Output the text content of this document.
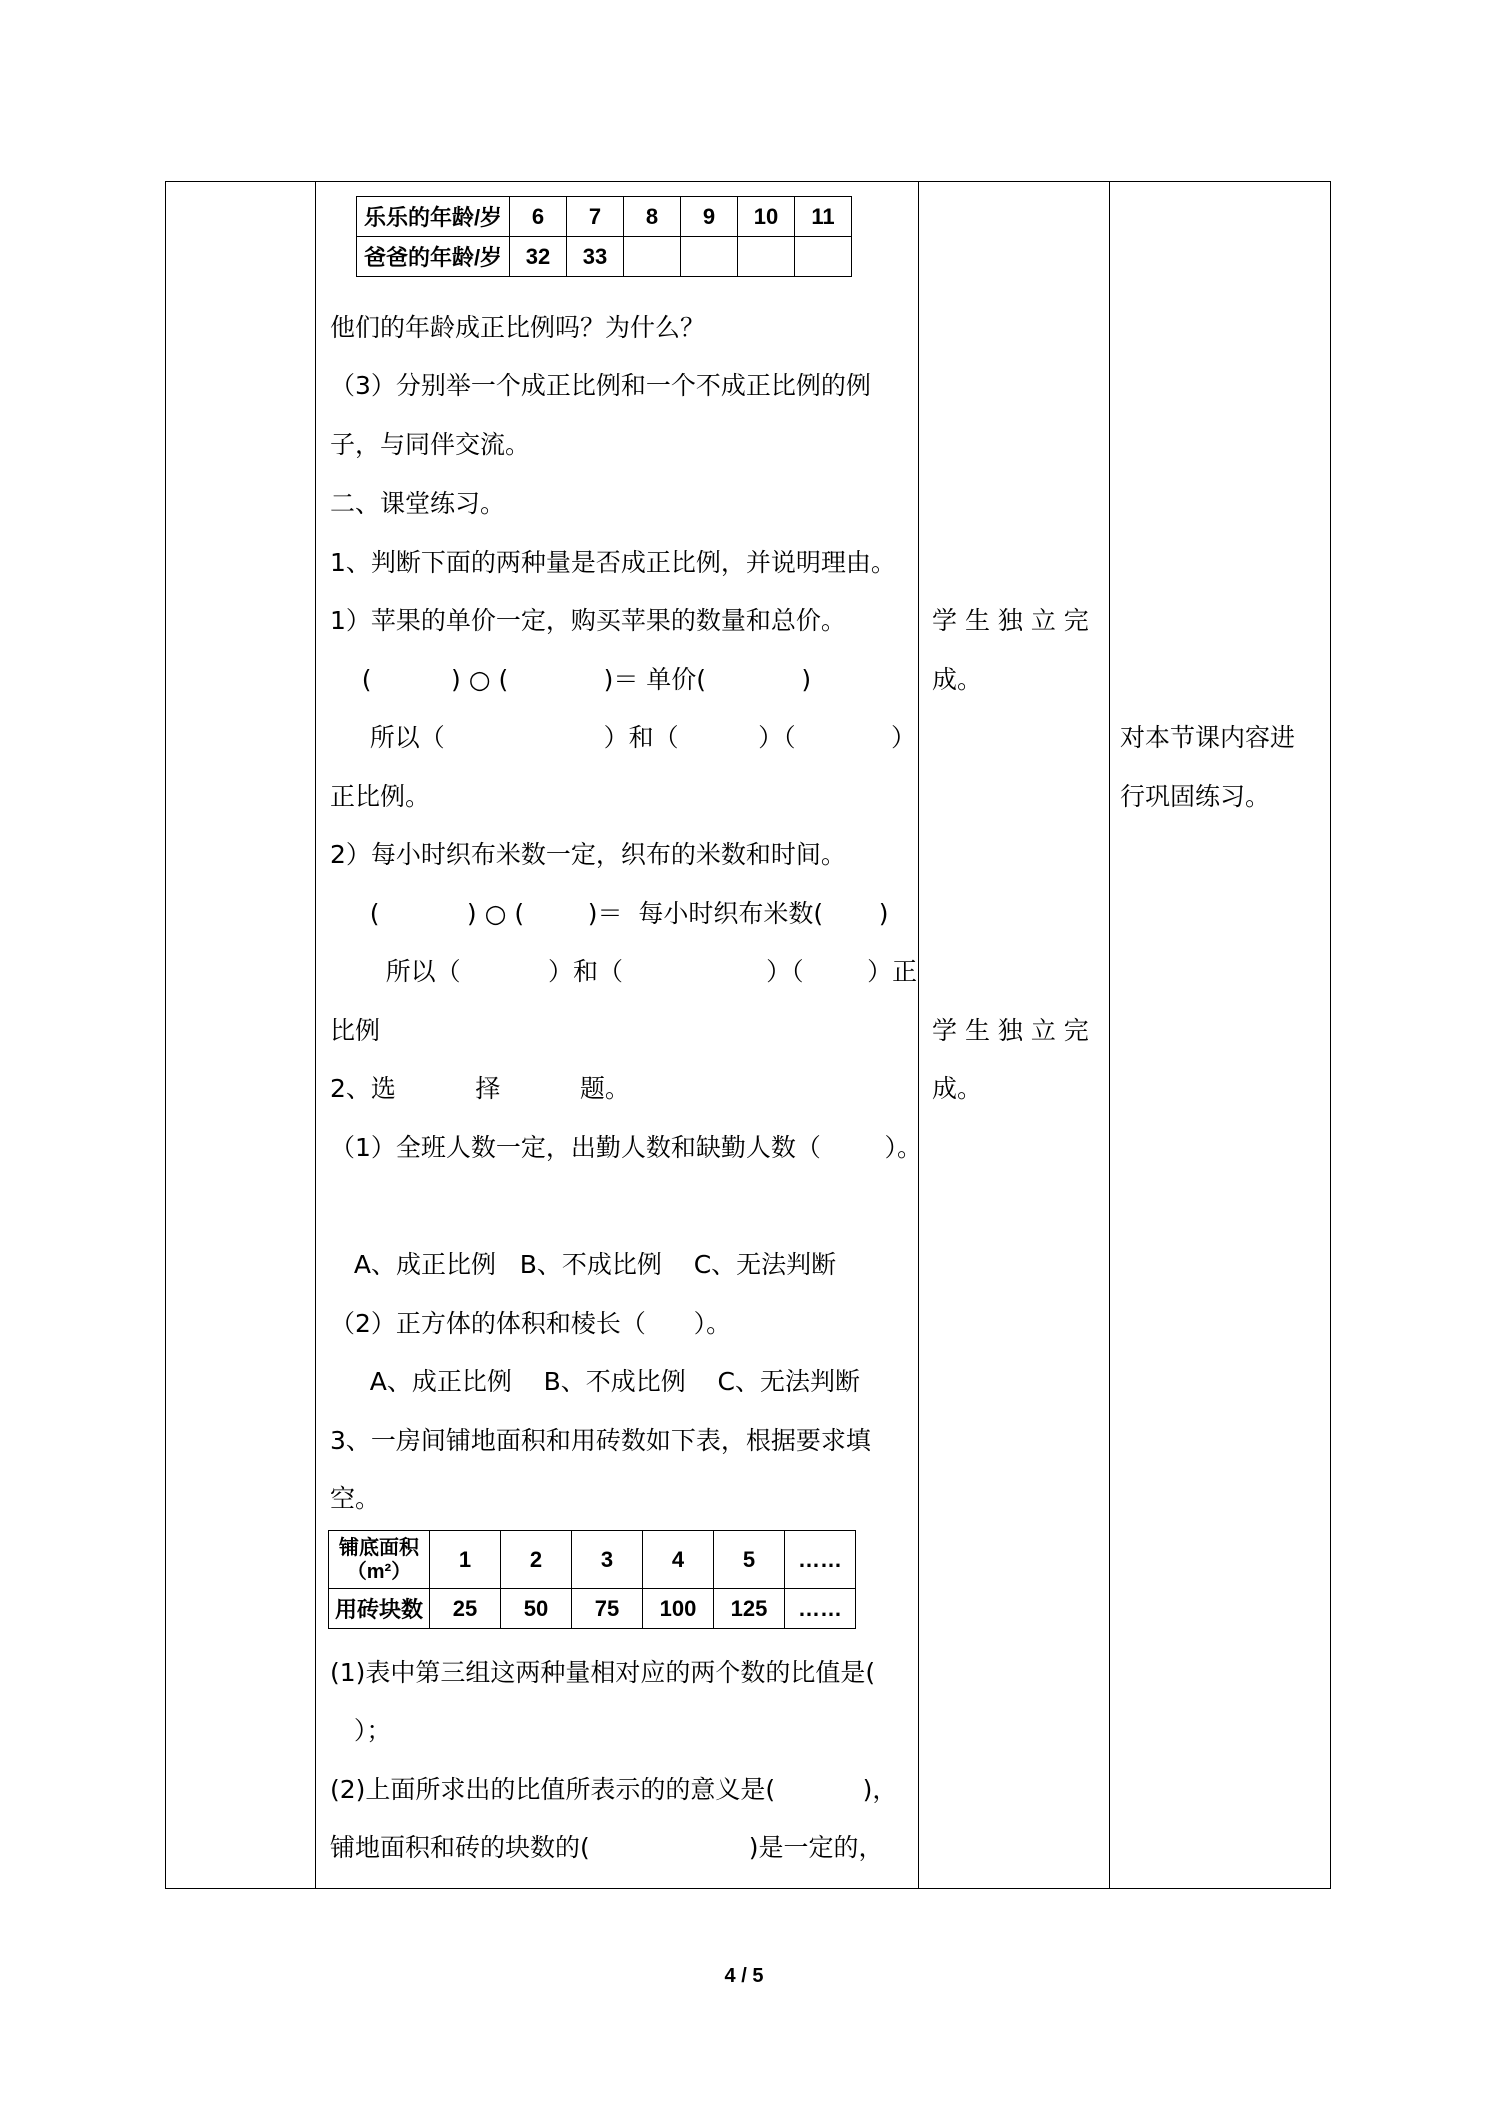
乐乐的年龄/岁	6	7	8	9	10	11
爸爸的年龄/岁	32	33				
他们的年龄成正比例吗？为什么？
（3）分别举一个成正比例和一个不成正比例的例
子，与同伴交流。
二、课堂练习。
1、判断下面的两种量是否成正比例，并说明理由。
1）苹果的单价一定，购买苹果的数量和总价。
(          ) ○ (            )＝ 单价(            )
所以（                    ）和（          ）（            ）
正比例。
2）每小时织布米数一定，织布的米数和时间。
(           ) ○ (        )＝  每小时织布米数(       )
所以（           ）和（                  ）（        ）正
比例
2、选          择          题。
（1）全班人数一定，出勤人数和缺勤人数（        ）。
A、成正比例   B、不成比例    C、无法判断
（2）正方体的体积和棱长（      ）。
A、成正比例    B、不成比例    C、无法判断
3、一房间铺地面积和用砖数如下表，根据要求填
空。
铺底面积
（m²）	1	2	3	4	5	……
用砖块数	25	50	75	100	125	……
(1)表中第三组这两种量相对应的两个数的比值是(
）；
(2)上面所求出的比值所表示的的意义是(           )，
铺地面积和砖的块数的(                    )是一定的，
学 生 独 立 完
成。
学 生 独 立 完
成。
对本节课内容进
行巩固练习。
4 / 5
